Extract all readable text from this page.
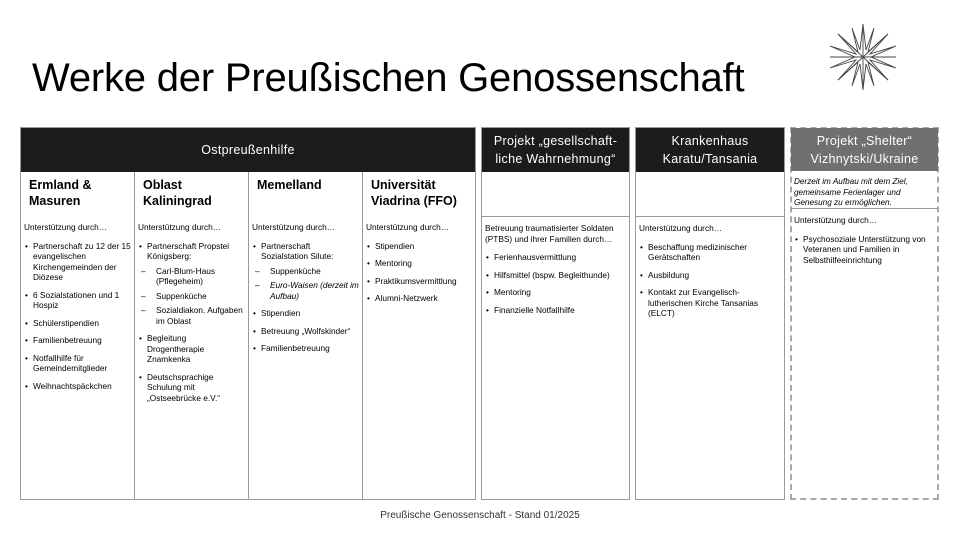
Werke der Preußischen Genossenschaft
Ostpreußenhilfe
Ermland & Masuren
Unterstützung durch…
• Partnerschaft zu 12 der 15 evangelischen Kirchengemeinden der Diözese
• 6 Sozialstationen und 1 Hospiz
• Schülerstipendien
• Familienbetreuung
• Notfallhilfe für Gemeindemitglieder
• Weihnachtspäckchen
Oblast Kaliningrad
Unterstützung durch…
• Partnerschaft Propstei Königsberg:
– Carl-Blum-Haus (Pflegeheim)
– Suppenküche
– Sozialdiakon. Aufgaben im Oblast
• Begleitung Drogentherapie Znamkenka
• Deutschsprachige Schulung mit „Ostseebrücke e.V.“
Memelland
Unterstützung durch…
• Partnerschaft Sozialstation Silute:
– Suppenküche
– Euro-Waisen (derzeit im Aufbau)
• Stipendien
• Betreuung „Wolfskinder“
• Familienbetreuung
Universität Viadrina (FFO)
Unterstützung durch…
• Stipendien
• Mentoring
• Praktikumsvermittlung
• Alumni-Netzwerk
Projekt „gesellschaft-liche Wahrnehmung“
Betreuung traumatisierter Soldaten (PTBS) und ihrer Familien durch…
• Ferienhausvermittlung
• Hilfsmittel (bspw. Begleithunde)
• Mentoring
• Finanzielle Notfallhilfe
Krankenhaus Karatu/Tansania
Unterstützung durch…
• Beschaffung medizinischer Gerätschaften
• Ausbildung
• Kontakt zur Evangelisch-lutherischen Kirche Tansanias (ELCT)
Projekt „Shelter“ Vizhnytski/Ukraine
Derzeit im Aufbau mit dem Ziel, gemeinsame Ferienlager und Genesung zu ermöglichen.
Unterstützung durch…
• Psychosoziale Unterstützung von Veteranen und Familien in Selbsthilfeeinrichtung
Preußische Genossenschaft - Stand 01/2025
